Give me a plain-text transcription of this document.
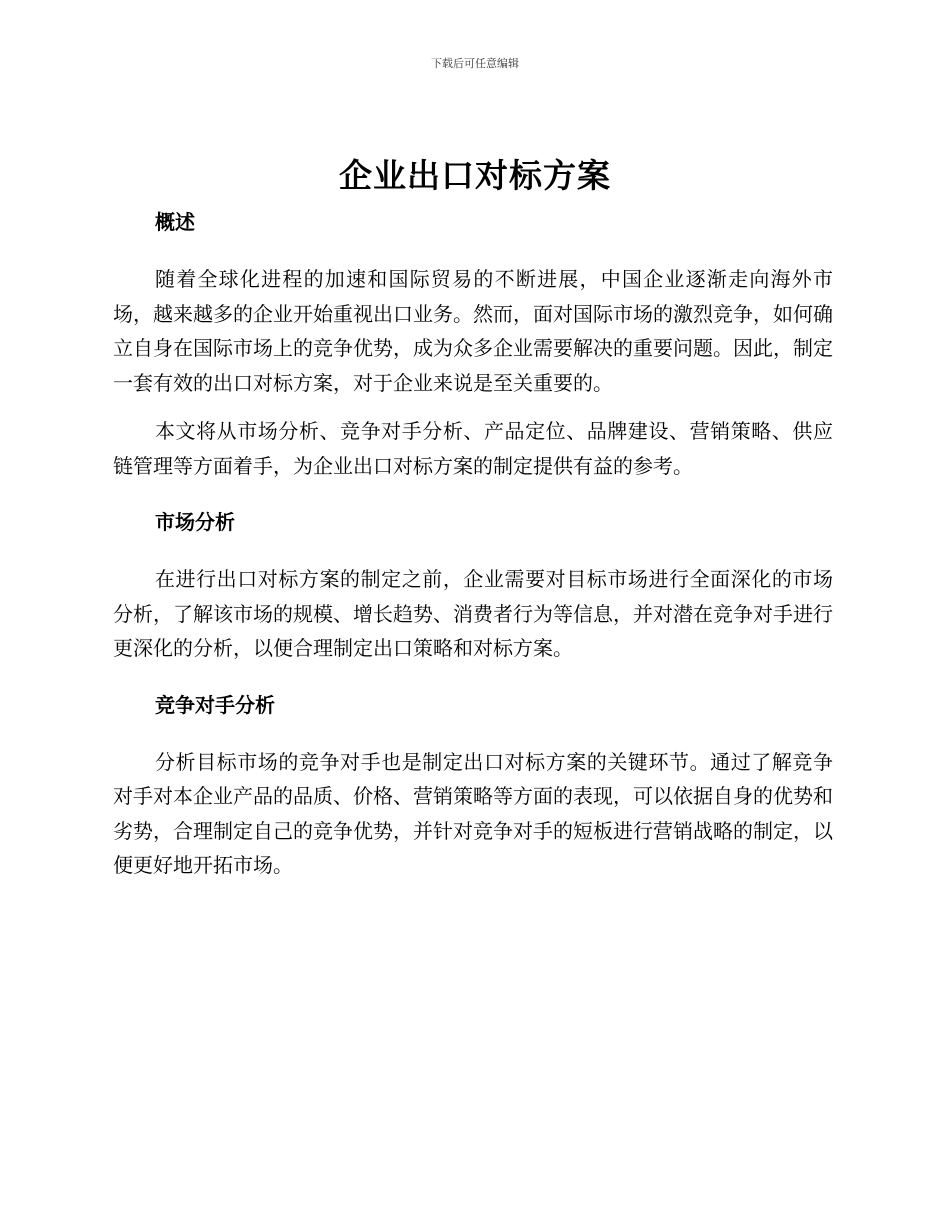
下载后可任意编辑
企业出口对标方案
概述

随着全球化进程的加速和国际贸易的不断进展，中国企业逐渐走向海外市场，越来越多的企业开始重视出口业务。然而，面对国际市场的激烈竞争，如何确立自身在国际市场上的竞争优势，成为众多企业需要解决的重要问题。因此，制定一套有效的出口对标方案，对于企业来说是至关重要的。

本文将从市场分析、竞争对手分析、产品定位、品牌建设、营销策略、供应链管理等方面着手，为企业出口对标方案的制定提供有益的参考。

市场分析

在进行出口对标方案的制定之前，企业需要对目标市场进行全面深化的市场分析，了解该市场的规模、增长趋势、消费者行为等信息，并对潜在竞争对手进行更深化的分析，以便合理制定出口策略和对标方案。

竞争对手分析

分析目标市场的竞争对手也是制定出口对标方案的关键环节。通过了解竞争对手对本企业产品的品质、价格、营销策略等方面的表现，可以依据自身的优势和劣势，合理制定自己的竞争优势，并针对竞争对手的短板进行营销战略的制定，以便更好地开拓市场。
